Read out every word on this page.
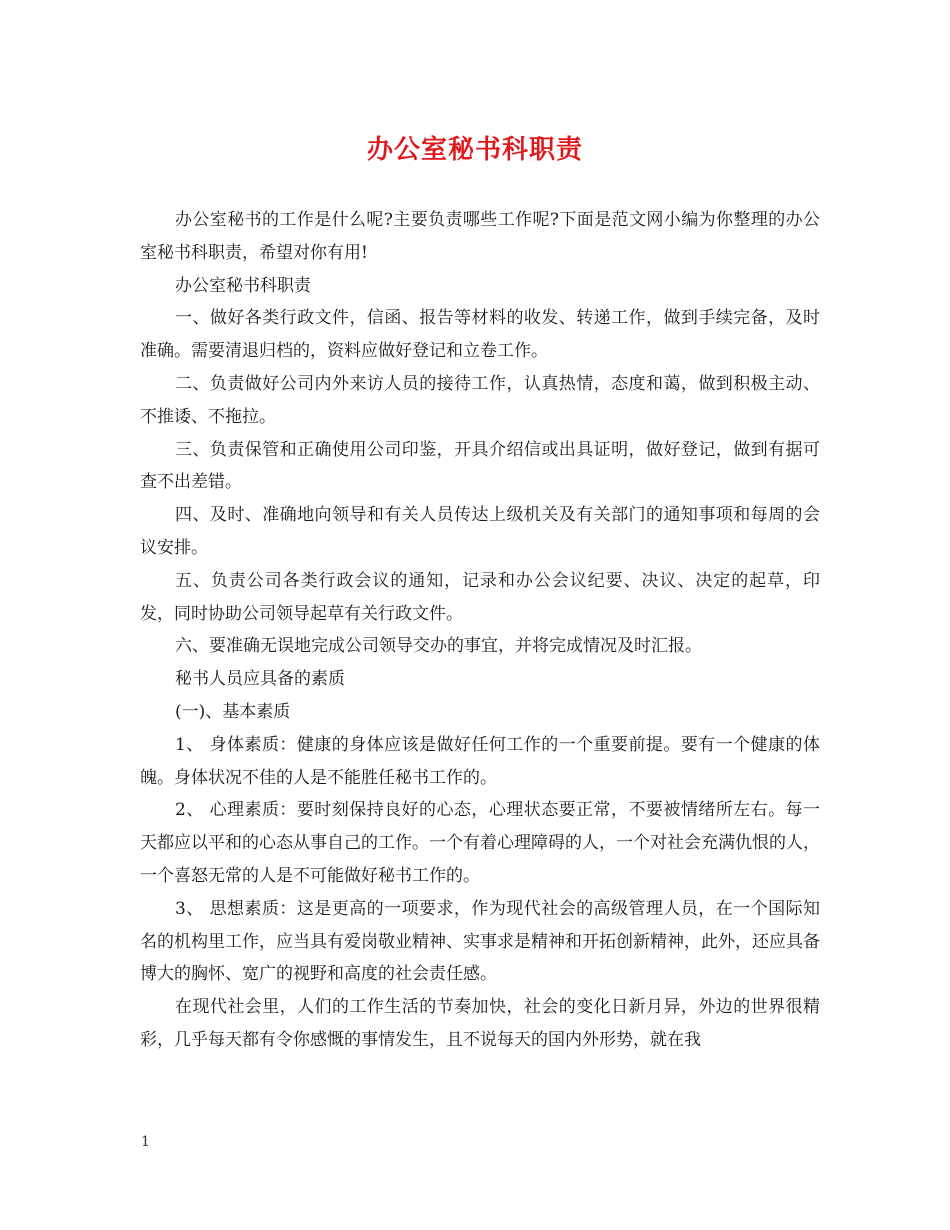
办公室秘书科职责

办公室秘书的工作是什么呢?主要负责哪些工作呢?下面是范文网小编为你整理的办公室秘书科职责，希望对你有用!

办公室秘书科职责

一、做好各类行政文件，信函、报告等材料的收发、转递工作，做到手续完备，及时准确。需要清退归档的，资料应做好登记和立卷工作。

二、负责做好公司内外来访人员的接待工作，认真热情，态度和蔼，做到积极主动、不推诿、不拖拉。

三、负责保管和正确使用公司印鉴，开具介绍信或出具证明，做好登记，做到有据可查不出差错。

四、及时、准确地向领导和有关人员传达上级机关及有关部门的通知事项和每周的会议安排。

五、负责公司各类行政会议的通知，记录和办公会议纪要、决议、决定的起草，印发，同时协助公司领导起草有关行政文件。

六、要准确无误地完成公司领导交办的事宜，并将完成情况及时汇报。

秘书人员应具备的素质

(一)、基本素质

1、 身体素质：健康的身体应该是做好任何工作的一个重要前提。要有一个健康的体魄。身体状况不佳的人是不能胜任秘书工作的。

2、 心理素质：要时刻保持良好的心态，心理状态要正常，不要被情绪所左右。每一天都应以平和的心态从事自己的工作。一个有着心理障碍的人，一个对社会充满仇恨的人，一个喜怒无常的人是不可能做好秘书工作的。

3、 思想素质：这是更高的一项要求，作为现代社会的高级管理人员，在一个国际知名的机构里工作，应当具有爱岗敬业精神、实事求是精神和开拓创新精神，此外，还应具备博大的胸怀、宽广的视野和高度的社会责任感。

在现代社会里，人们的工作生活的节奏加快，社会的变化日新月异，外边的世界很精彩，几乎每天都有令你感慨的事情发生，且不说每天的国内外形势，就在我

1
